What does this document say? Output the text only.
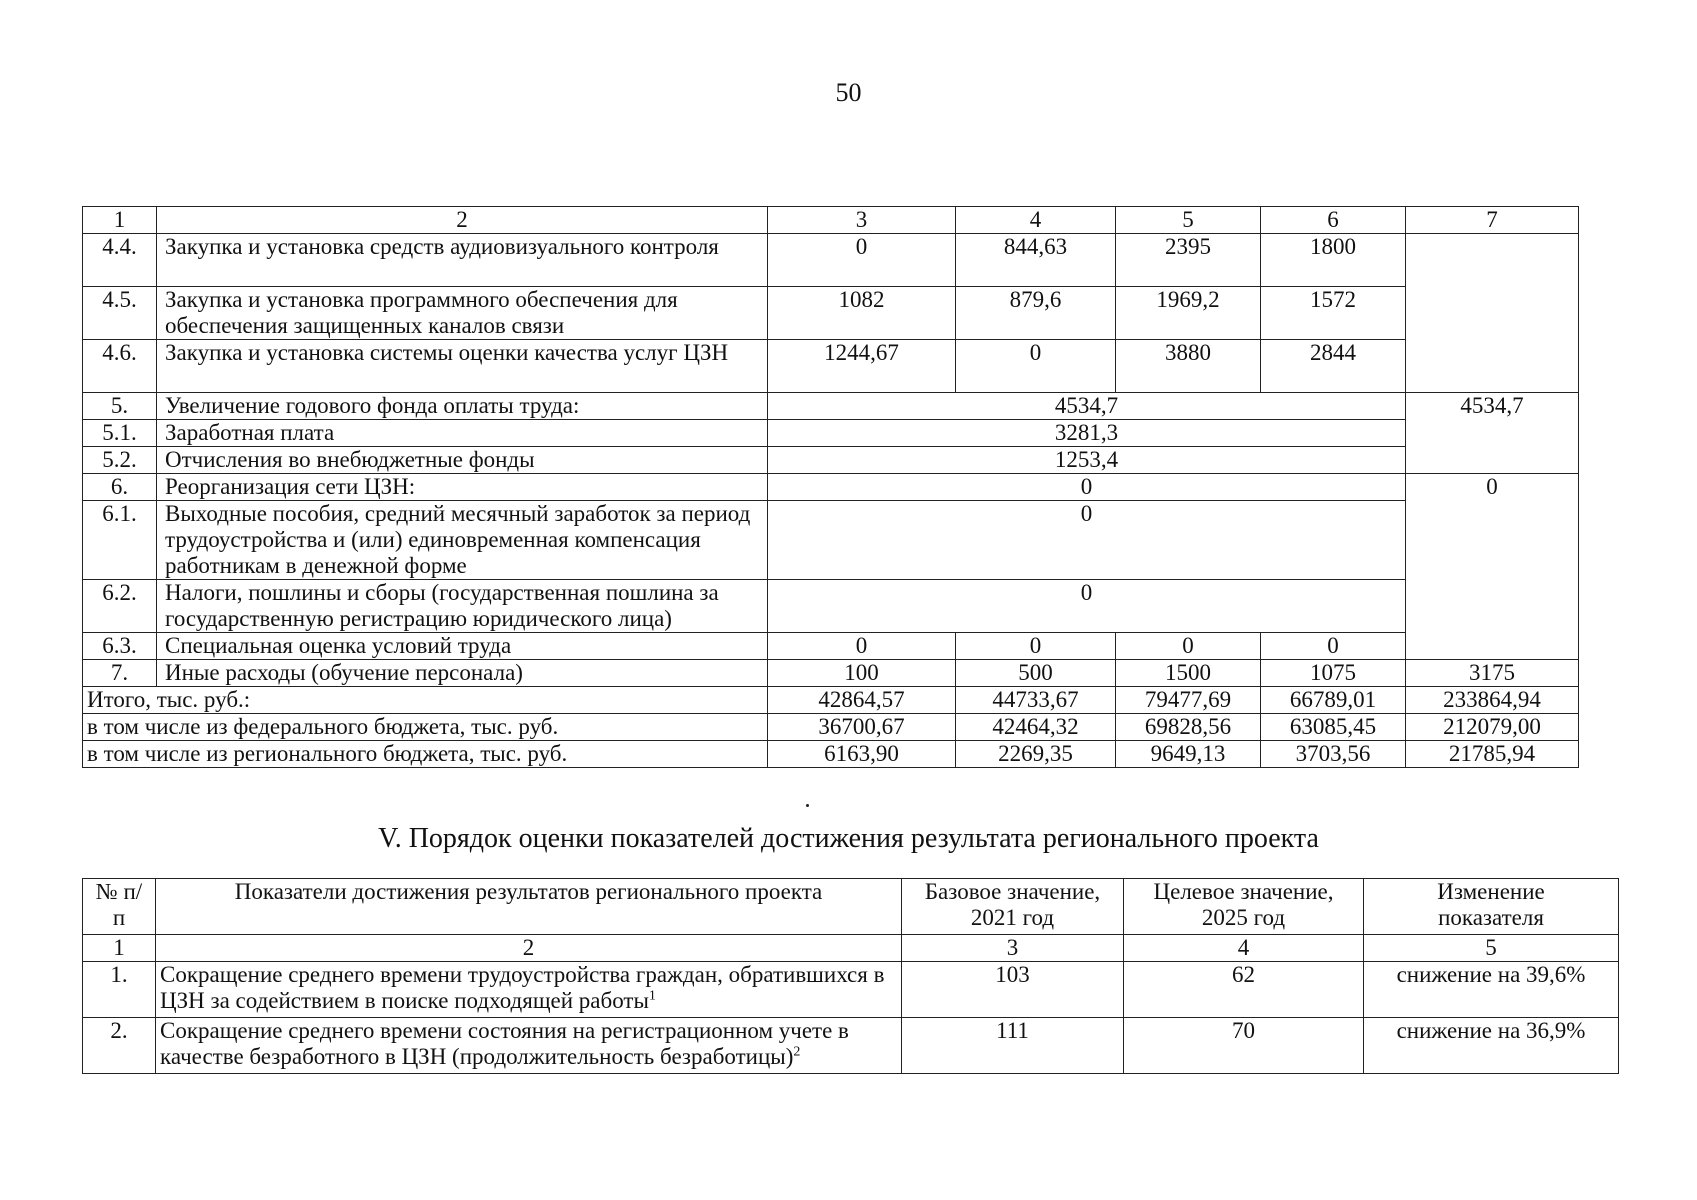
50
1	2	3	4	5	6	7
4.4.	Закупка и установка средств аудиовизуального контроля	0	844,63	2395	1800	
4.5.	Закупка и установка программного обеспечения для обеспечения защищенных каналов связи	1082	879,6	1969,2	1572	
4.6.	Закупка и установка системы оценки качества услуг ЦЗН	1244,67	0	3880	2844	
5.	Увеличение годового фонда оплаты труда:	4534,7				4534,7
5.1.	Заработная плата	3281,3				
5.2.	Отчисления во внебюджетные фонды	1253,4				
6.	Реорганизация сети ЦЗН:	0				0
6.1.	Выходные пособия, средний месячный заработок за период трудоустройства и (или) единовременная компенсация работникам в денежной форме	0				
6.2.	Налоги, пошлины и сборы (государственная пошлина за государственную регистрацию юридического лица)	0				
6.3.	Специальная оценка условий труда	0	0	0	0	
7.	Иные расходы (обучение персонала)	100	500	1500	1075	3175
Итого, тыс. руб.:		42864,57	44733,67	79477,69	66789,01	233864,94
в том числе из федерального бюджета, тыс. руб.		36700,67	42464,32	69828,56	63085,45	212079,00
в том числе из регионального бюджета, тыс. руб.		6163,90	2269,35	9649,13	3703,56	21785,94
V. Порядок оценки показателей достижения результата регионального проекта
№ п/п	Показатели достижения результатов регионального проекта	Базовое значение, 2021 год	Целевое значение, 2025 год	Изменение показателя
1	2	3	4	5
1.	Сокращение среднего времени трудоустройства граждан, обратившихся в ЦЗН за содействием в поиске подходящей работы$^1$	103	62	снижение на 39,6%
2.	Сокращение среднего времени состояния на регистрационном учете в качестве безработного в ЦЗН (продолжительность безработицы)$^2$	111	70	снижение на 36,9%
